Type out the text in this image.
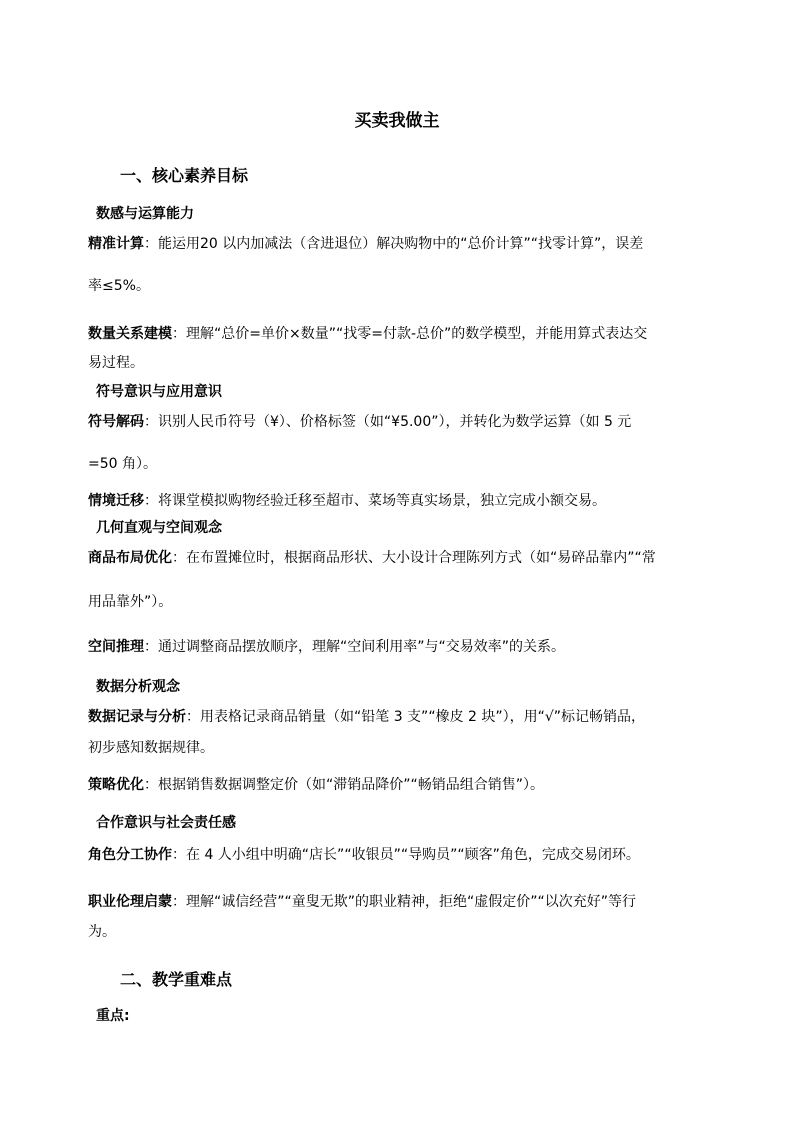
买卖我做主
一、核心素养目标
数感与运算能力
精准计算：能运用20 以内加减法（含进退位）解决购物中的“总价计算”“找零计算”，误差
率≤5%。
数量关系建模：理解“总价=单价×数量”“找零=付款-总价”的数学模型，并能用算式表达交
易过程。
符号意识与应用意识
符号解码：识别人民币符号（¥）、价格标签（如“¥5.00”），并转化为数学运算（如 5 元
=50 角）。
情境迁移：将课堂模拟购物经验迁移至超市、菜场等真实场景，独立完成小额交易。
几何直观与空间观念
商品布局优化：在布置摊位时，根据商品形状、大小设计合理陈列方式（如“易碎品靠内”“常
用品靠外”）。
空间推理：通过调整商品摆放顺序，理解“空间利用率”与“交易效率”的关系。
数据分析观念
数据记录与分析：用表格记录商品销量（如“铅笔 3 支”“橡皮 2 块”），用“√”标记畅销品，
初步感知数据规律。
策略优化：根据销售数据调整定价（如“滞销品降价”“畅销品组合销售”）。
合作意识与社会责任感
角色分工协作：在 4 人小组中明确“店长”“收银员”“导购员”“顾客”角色，完成交易闭环。
职业伦理启蒙：理解“诚信经营”“童叟无欺”的职业精神，拒绝“虚假定价”“以次充好”等行
为。
二、教学重难点
重点:
